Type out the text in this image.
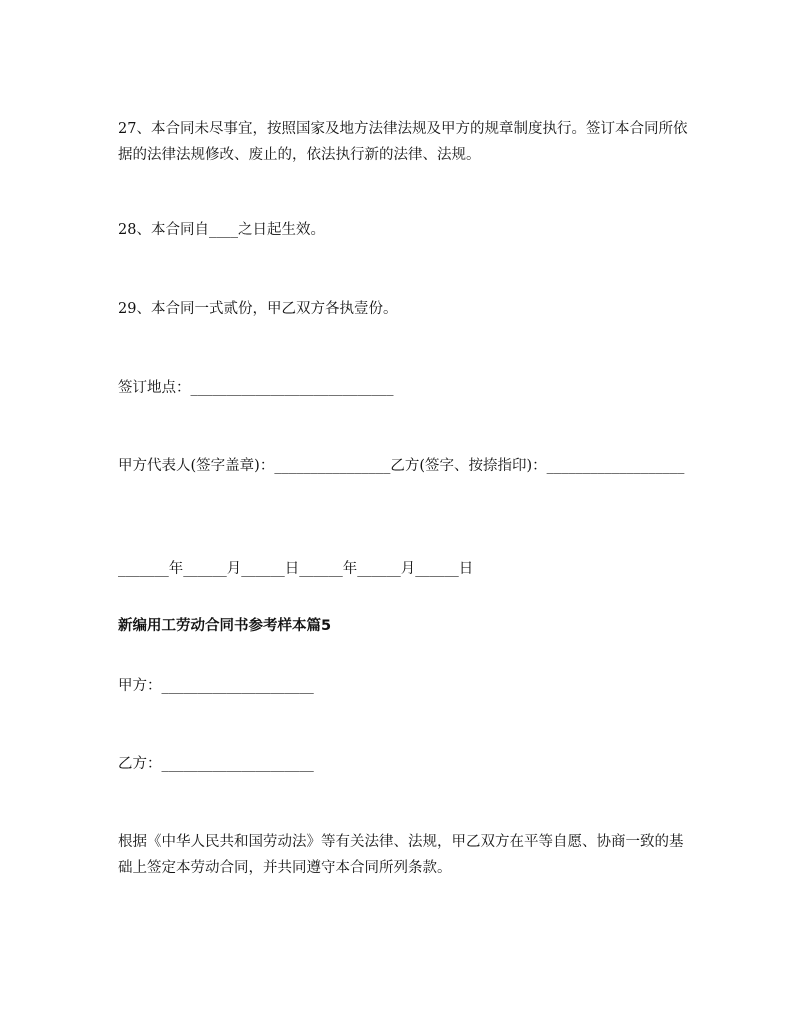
27、本合同未尽事宜，按照国家及地方法律法规及甲方的规章制度执行。签订本合同所依据的法律法规修改、废止的，依法执行新的法律、法规。

28、本合同自____之日起生效。

29、本合同一式贰份，甲乙双方各执壹份。

签订地点：____________________________

甲方代表人(签字盖章)：________________乙方(签字、按捺指印)：___________________

_______年______月______日______年______月______日

新编用工劳动合同书参考样本篇5

甲方：_____________________

乙方：_____________________

根据《中华人民共和国劳动法》等有关法律、法规，甲乙双方在平等自愿、协商一致的基础上签定本劳动合同，并共同遵守本合同所列条款。
